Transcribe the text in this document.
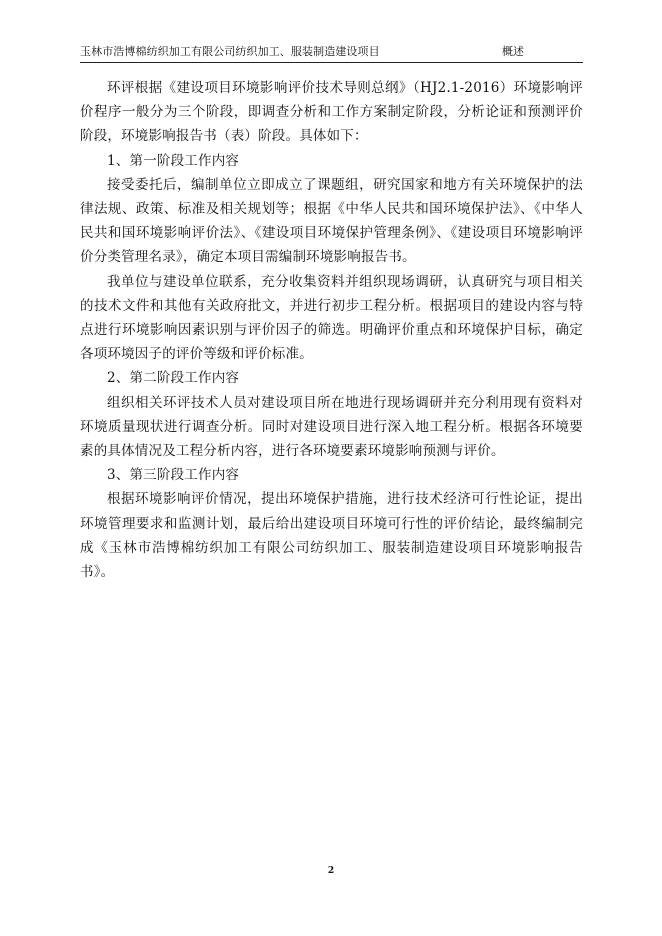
玉林市浩博棉纺织加工有限公司纺织加工、服装制造建设项目	概述

环评根据《建设项目环境影响评价技术导则总纲》（HJ2.1-2016）环境影响评价程序一般分为三个阶段，即调查分析和工作方案制定阶段，分析论证和预测评价阶段，环境影响报告书（表）阶段。具体如下：

1、第一阶段工作内容

接受委托后，编制单位立即成立了课题组，研究国家和地方有关环境保护的法律法规、政策、标准及相关规划等；根据《中华人民共和国环境保护法》、《中华人民共和国环境影响评价法》、《建设项目环境保护管理条例》、《建设项目环境影响评价分类管理名录》，确定本项目需编制环境影响报告书。

我单位与建设单位联系，充分收集资料并组织现场调研，认真研究与项目相关的技术文件和其他有关政府批文，并进行初步工程分析。根据项目的建设内容与特点进行环境影响因素识别与评价因子的筛选。明确评价重点和环境保护目标，确定各项环境因子的评价等级和评价标准。

2、第二阶段工作内容

组织相关环评技术人员对建设项目所在地进行现场调研并充分利用现有资料对环境质量现状进行调查分析。同时对建设项目进行深入地工程分析。根据各环境要素的具体情况及工程分析内容，进行各环境要素环境影响预测与评价。

3、第三阶段工作内容

根据环境影响评价情况，提出环境保护措施，进行技术经济可行性论证，提出环境管理要求和监测计划，最后给出建设项目环境可行性的评价结论，最终编制完成《玉林市浩博棉纺织加工有限公司纺织加工、服装制造建设项目环境影响报告书》。

2
